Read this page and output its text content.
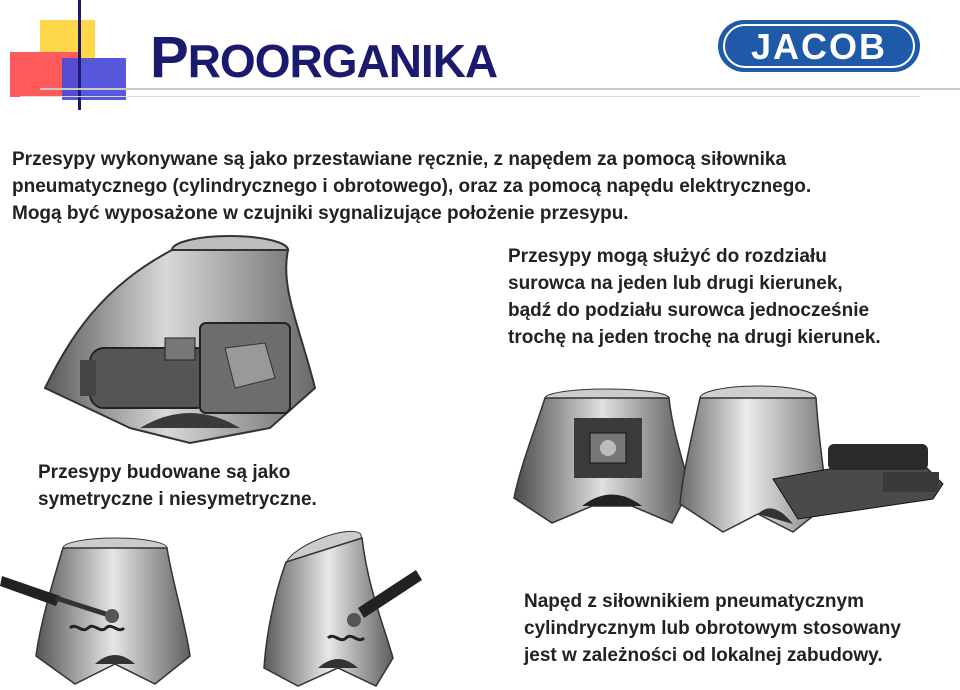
PROORGANIKA	JACOB
Przesypy wykonywane są jako przestawiane ręcznie, z napędem za pomocą siłownika
pneumatycznego (cylindrycznego i obrotowego), oraz za pomocą napędu elektrycznego.
Mogą być wyposażone w czujniki sygnalizujące położenie przesypu.
Przesypy mogą służyć do rozdziału
surowca na jeden lub drugi kierunek,
bądź do podziału surowca jednocześnie
trochę na jeden trochę na drugi kierunek.
Przesypy budowane są jako
symetryczne i niesymetryczne.
Napęd z siłownikiem pneumatycznym
cylindrycznym lub obrotowym stosowany
jest w zależności od lokalnej zabudowy.
